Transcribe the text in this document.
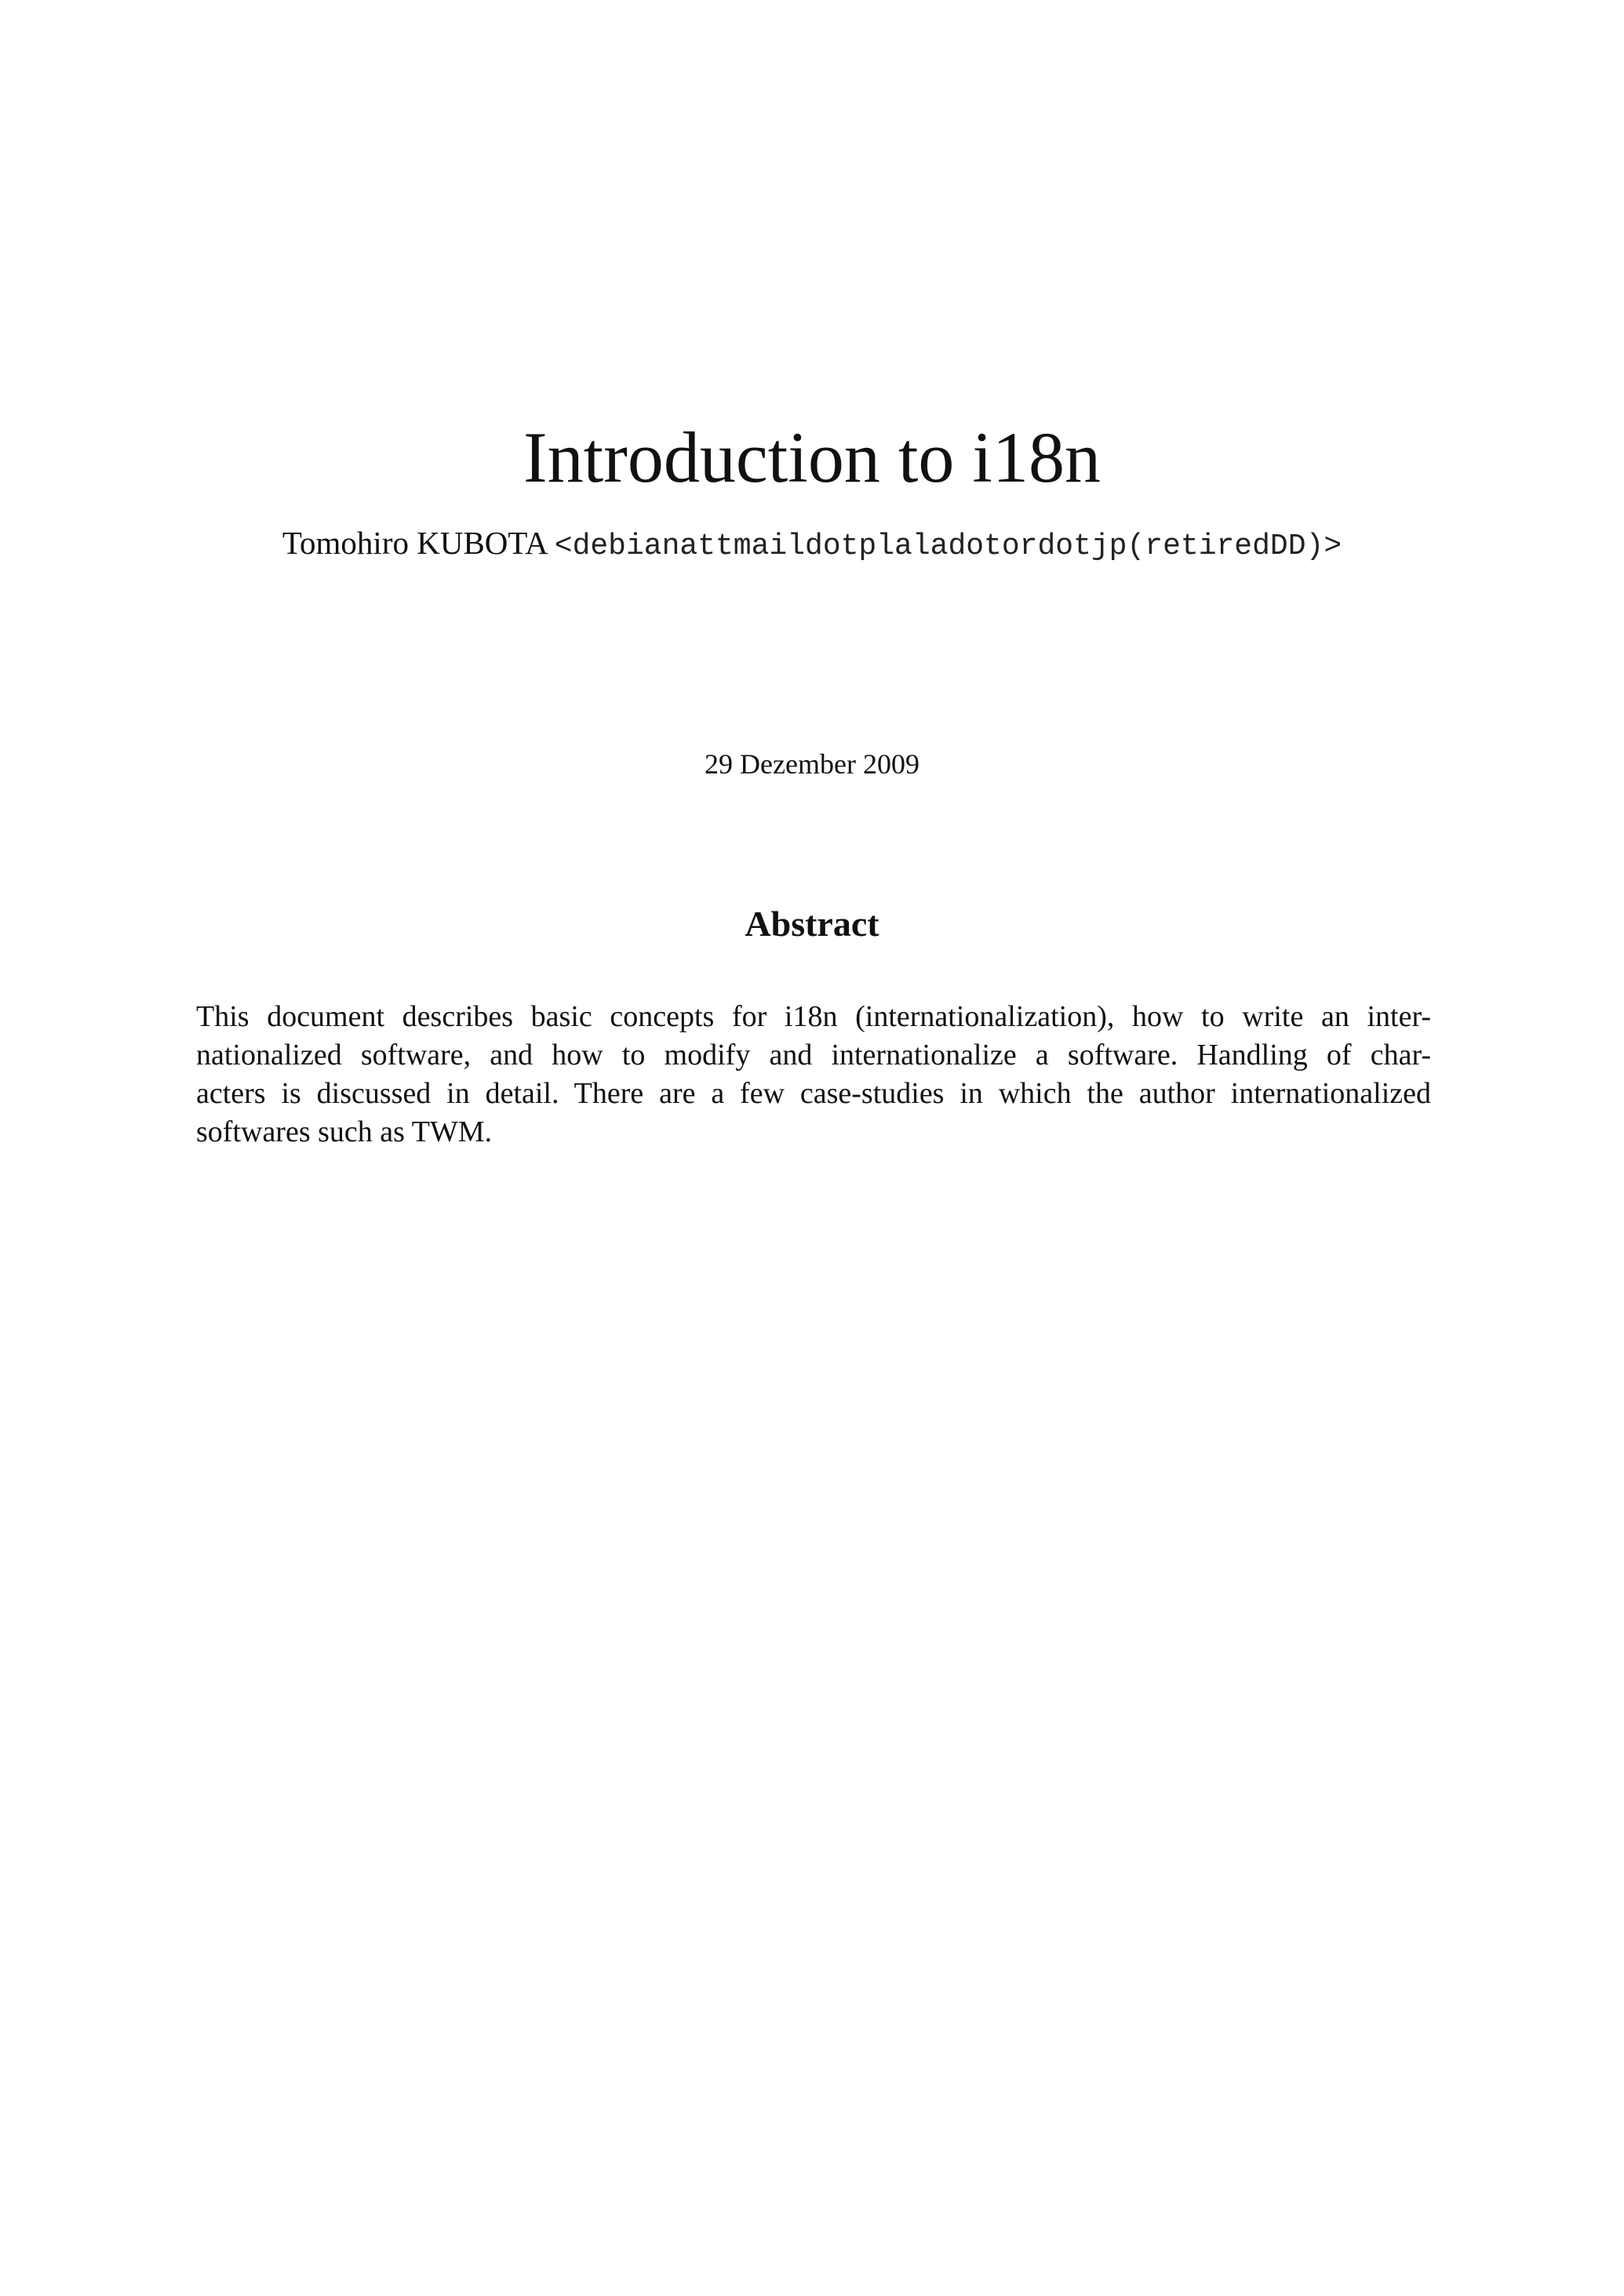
Introduction to i18n
Tomohiro KUBOTA <debianattmaildotplaladotordotjp(retiredDD)>
29 Dezember 2009
Abstract
This document describes basic concepts for i18n (internationalization), how to write an inter-
nationalized software, and how to modify and internationalize a software. Handling of char-
acters is discussed in detail. There are a few case-studies in which the author internationalized
softwares such as TWM.
